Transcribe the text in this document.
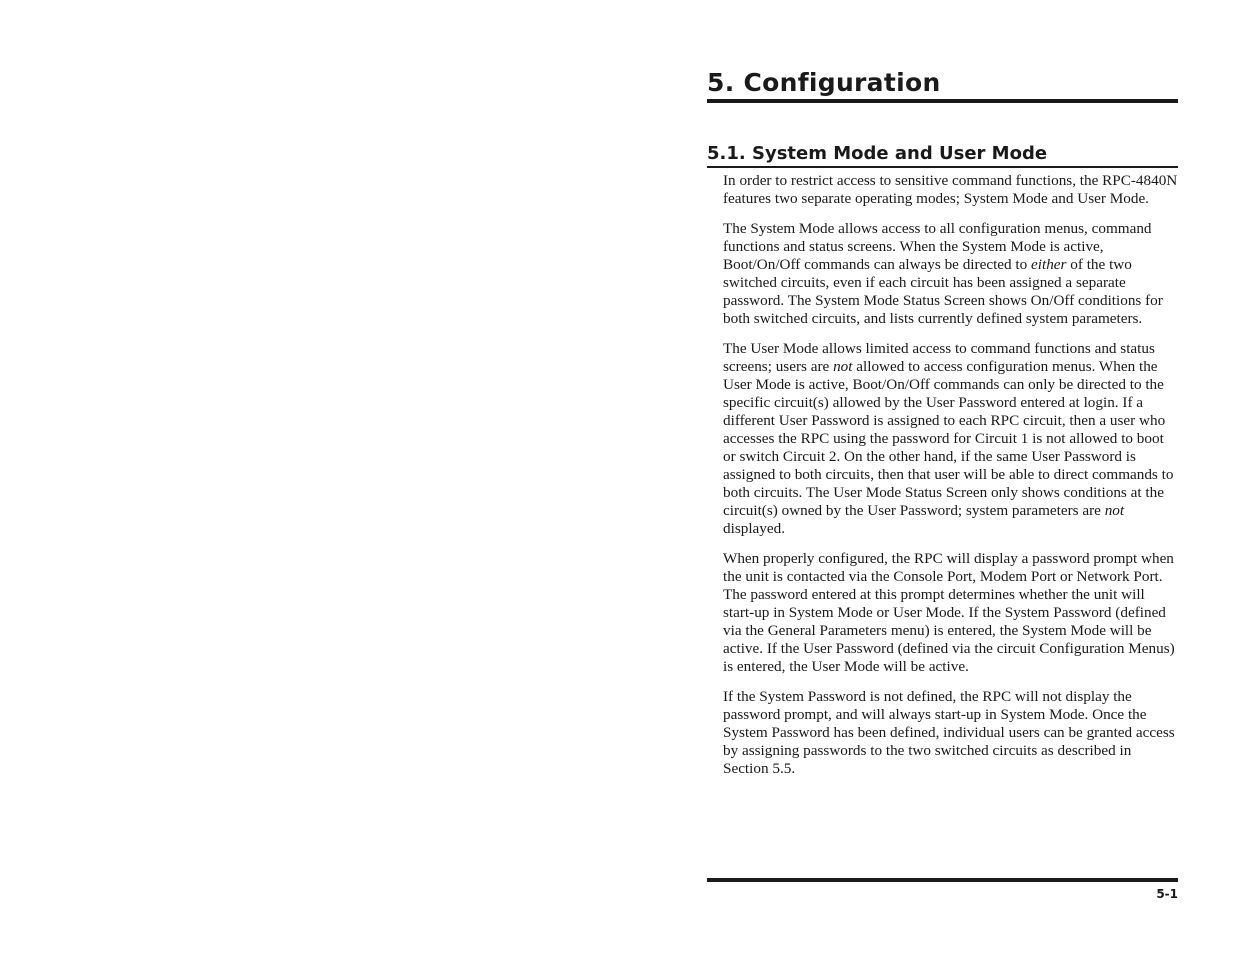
5. Configuration
5.1. System Mode and User Mode

In order to restrict access to sensitive command functions, the RPC-4840N features two separate operating modes; System Mode and User Mode.

The System Mode allows access to all configuration menus, command functions and status screens. When the System Mode is active, Boot/On/Off commands can always be directed to either of the two switched circuits, even if each circuit has been assigned a separate password. The System Mode Status Screen shows On/Off conditions for both switched circuits, and lists currently defined system parameters.

The User Mode allows limited access to command functions and status screens; users are not allowed to access configuration menus. When the User Mode is active, Boot/On/Off commands can only be directed to the specific circuit(s) allowed by the User Password entered at login. If a different User Password is assigned to each RPC circuit, then a user who accesses the RPC using the password for Circuit 1 is not allowed to boot or switch Circuit 2. On the other hand, if the same User Password is assigned to both circuits, then that user will be able to direct commands to both circuits. The User Mode Status Screen only shows conditions at the circuit(s) owned by the User Password; system parameters are not displayed.

When properly configured, the RPC will display a password prompt when the unit is contacted via the Console Port, Modem Port or Network Port. The password entered at this prompt determines whether the unit will start-up in System Mode or User Mode. If the System Password (defined via the General Parameters menu) is entered, the System Mode will be active. If the User Password (defined via the circuit Configuration Menus) is entered, the User Mode will be active.

If the System Password is not defined, the RPC will not display the password prompt, and will always start-up in System Mode. Once the System Password has been defined, individual users can be granted access by assigning passwords to the two switched circuits as described in Section 5.5.

5-1
